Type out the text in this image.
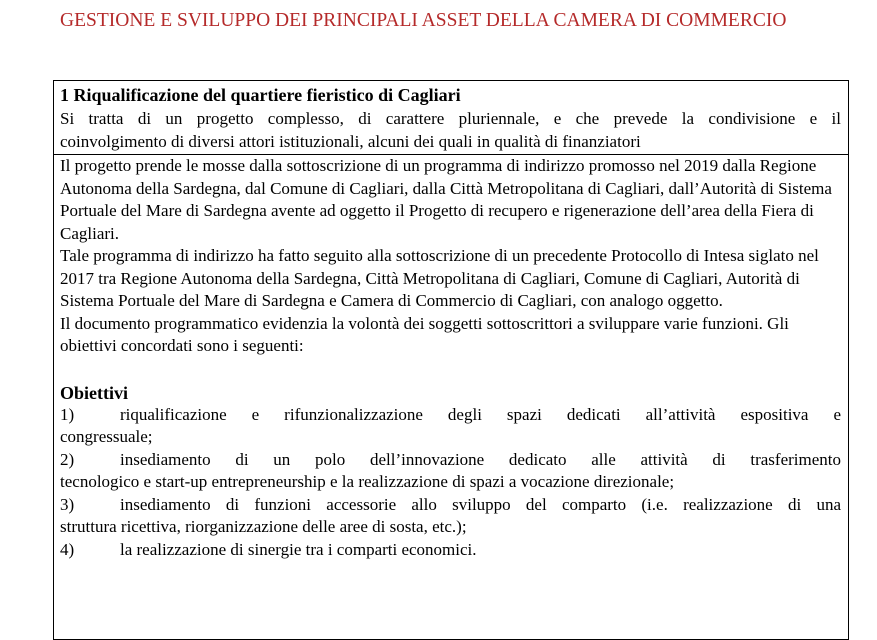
GESTIONE E SVILUPPO DEI PRINCIPALI ASSET DELLA CAMERA DI COMMERCIO
1 Riqualificazione del quartiere fieristico di Cagliari
Si tratta di un progetto complesso, di carattere pluriennale, e che prevede la condivisione e il
coinvolgimento di diversi attori istituzionali, alcuni dei quali in qualità di finanziatori
Il progetto prende le mosse dalla sottoscrizione di un programma di indirizzo promosso nel 2019 dalla Regione Autonoma della Sardegna, dal Comune di Cagliari, dalla Città Metropolitana di Cagliari, dall’Autorità di Sistema Portuale del Mare di Sardegna avente ad oggetto il Progetto di recupero e rigenerazione dell’area della Fiera di Cagliari.
Tale programma di indirizzo ha fatto seguito alla sottoscrizione di un precedente Protocollo di Intesa siglato nel 2017 tra Regione Autonoma della Sardegna, Città Metropolitana di Cagliari, Comune di Cagliari, Autorità di Sistema Portuale del Mare di Sardegna e Camera di Commercio di Cagliari, con analogo oggetto.
Il documento programmatico evidenzia la volontà dei soggetti sottoscrittori a sviluppare varie funzioni. Gli obiettivi concordati sono i seguenti:
Obiettivi
1)	riqualificazione e rifunzionalizzazione degli spazi dedicati all’attività espositiva e
congressuale;
2)	insediamento di un polo dell’innovazione dedicato alle attività di trasferimento
tecnologico e start-up entrepreneurship e la realizzazione di spazi a vocazione direzionale;
3)	insediamento di funzioni accessorie allo sviluppo del comparto (i.e. realizzazione di una
struttura ricettiva, riorganizzazione delle aree di sosta, etc.);
4)	la realizzazione di sinergie tra i comparti economici.
